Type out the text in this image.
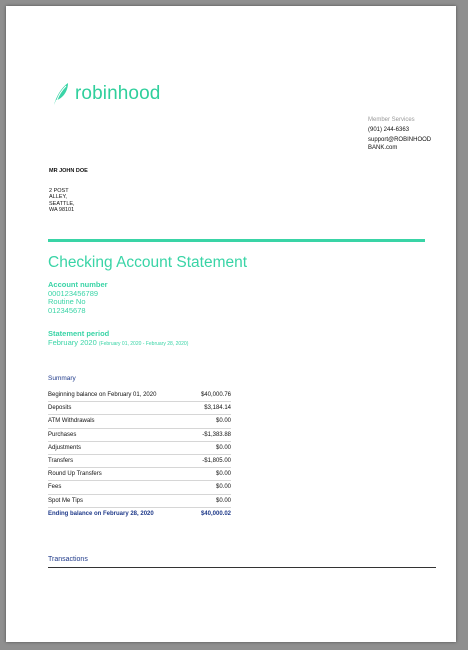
robinhood
Member Services
(901) 244-6363
support@ROBINHOOD BANK.com
MR JOHN DOE
2 POST ALLEY, SEATTLE, WA 98101
Checking Account Statement
Account number
000123456789
Routine No
012345678
Statement period
February 2020 (February 01, 2020 - February 28, 2020)
Summary
Beginning balance on February 01, 2020	$40,000.76
Deposits	$3,184.14
ATM Withdrawals	$0.00
Purchases	-$1,383.88
Adjustments	$0.00
Transfers	-$1,805.00
Round Up Transfers	$0.00
Fees	$0.00
Spot Me Tips	$0.00
Ending balance on February 28, 2020	$40,000.02
Transactions
